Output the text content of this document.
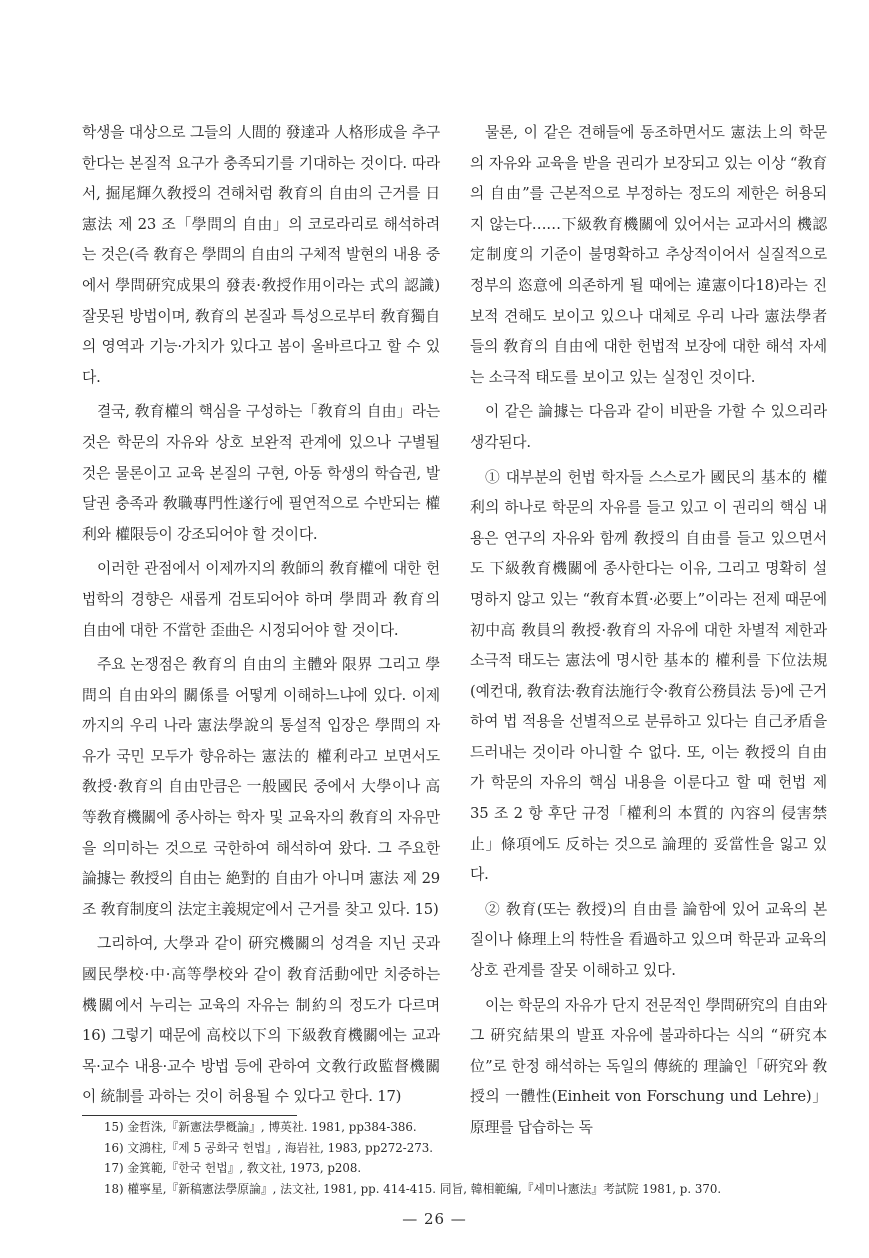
학생을 대상으로 그들의 人間的 發達과 人格形成을 추구한다는 본질적 요구가 충족되기를 기대하는 것이다. 따라서, 掘尾輝久敎授의 견해처럼 敎育의 自由의 근거를 日憲法 제 23 조「學問의 自由」의 코로라리로 해석하려는 것은(즉 敎育은 學問의 自由의 구체적 발현의 내용 중에서 學問硏究成果의 發表·敎授作用이라는 式의 認識) 잘못된 방법이며, 敎育의 본질과 특성으로부터 敎育獨自의 영역과 기능·가치가 있다고 봄이 올바르다고 할 수 있다.

결국, 敎育權의 핵심을 구성하는「敎育의 自由」라는 것은 학문의 자유와 상호 보완적 관계에 있으나 구별될 것은 물론이고 교육 본질의 구현, 아동 학생의 학습권, 발달권 충족과 敎職專門性遂行에 필연적으로 수반되는 權利와 權限등이 강조되어야 할 것이다.

이러한 관점에서 이제까지의 敎師의 敎育權에 대한 헌법학의 경향은 새롭게 검토되어야 하며 學問과 敎育의 自由에 대한 不當한 歪曲은 시정되어야 할 것이다.

주요 논쟁점은 敎育의 自由의 主體와 限界 그리고 學問의 自由와의 關係를 어떻게 이해하느냐에 있다. 이제까지의 우리 나라 憲法學說의 통설적 입장은 學問의 자유가 국민 모두가 향유하는 憲法的 權利라고 보면서도 敎授·敎育의 自由만큼은 一般國民 중에서 大學이나 高等敎育機關에 종사하는 학자 및 교육자의 敎育의 자유만을 의미하는 것으로 국한하여 해석하여 왔다. 그 주요한 論據는 敎授의 自由는 絶對的 自由가 아니며 憲法 제 29 조 敎育制度의 法定主義規定에서 근거를 찾고 있다. 15)

그리하여, 大學과 같이 硏究機關의 성격을 지닌 곳과 國民學校·中·高等學校와 같이 敎育活動에만 치중하는 機關에서 누리는 교육의 자유는 制約의 정도가 다르며16) 그렇기 때문에 高校以下의 下級敎育機關에는 교과목·교수 내용·교수 방법 등에 관하여 文敎行政監督機關이 統制를 과하는 것이 허용될 수 있다고 한다. 17)

물론, 이 같은 견해들에 동조하면서도 憲法上의 학문의 자유와 교육을 받을 권리가 보장되고 있는 이상 “敎育의 自由”를 근본적으로 부정하는 정도의 제한은 허용되지 않는다……下級敎育機關에 있어서는 교과서의 機認定制度의 기준이 불명확하고 추상적이어서 실질적으로 정부의 恣意에 의존하게 될 때에는 違憲이다18)라는 진보적 견해도 보이고 있으나 대체로 우리 나라 憲法學者들의 敎育의 自由에 대한 헌법적 보장에 대한 해석 자세는 소극적 태도를 보이고 있는 실정인 것이다.

이 같은 論據는 다음과 같이 비판을 가할 수 있으리라 생각된다.

① 대부분의 헌법 학자들 스스로가 國民의 基本的 權利의 하나로 학문의 자유를 들고 있고 이 권리의 핵심 내용은 연구의 자유와 함께 敎授의 自由를 들고 있으면서도 下級敎育機關에 종사한다는 이유, 그리고 명확히 설명하지 않고 있는 “敎育本質·必要上”이라는 전제 때문에 初中高 敎員의 敎授·敎育의 자유에 대한 차별적 제한과 소극적 태도는 憲法에 명시한 基本的 權利를 下位法規(예컨대, 敎育法·敎育法施行令·敎育公務員法 등)에 근거하여 법 적용을 선별적으로 분류하고 있다는 自己矛盾을 드러내는 것이라 아니할 수 없다. 또, 이는 敎授의 自由가 학문의 자유의 핵심 내용을 이룬다고 할 때 헌법 제 35 조 2 항 후단 규정「權利의 本質的 內容의 侵害禁止」條項에도 反하는 것으로 論理的 妥當性을 잃고 있다.

② 敎育(또는 敎授)의 自由를 論함에 있어 교육의 본질이나 條理上의 特性을 看過하고 있으며 학문과 교육의 상호 관계를 잘못 이해하고 있다.

이는 학문의 자유가 단지 전문적인 學問硏究의 自由와 그 硏究結果의 발표 자유에 불과하다는 식의 “硏究本位”로 한정 해석하는 독일의 傳統的 理論인「硏究와 敎授의 一體性(Einheit von Forschung und Lehre)」原理를 답습하는 독

15) 金哲洙,『新憲法學槪論』, 博英社. 1981, pp384-386.

16) 文鴻柱,『제 5 공화국 헌법』, 海岩社, 1983, pp272-273.

17) 金箕範,『한국 헌법』, 敎文社, 1973, p208.

18) 權寧星,『新稿憲法學原論』, 法文社, 1981, pp. 414-415. 同旨, 韓相範編,『세미나憲法』考試院 1981, p. 370.

— 26 —
